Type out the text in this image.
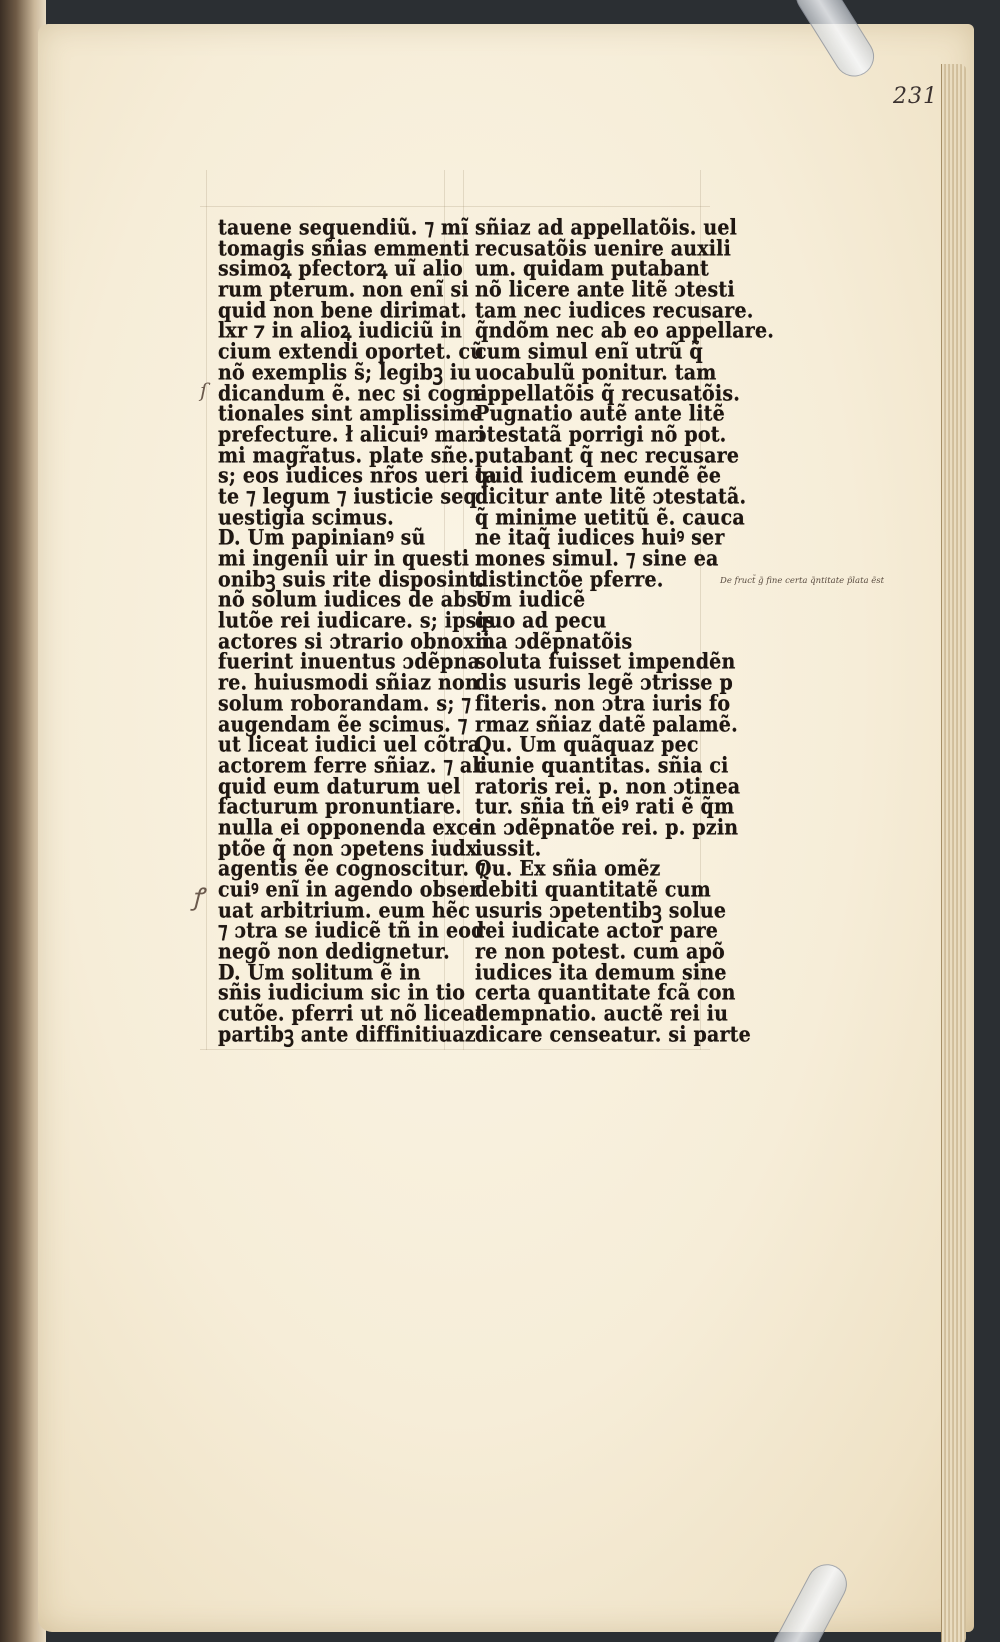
231
tauene sequendiũ. ⁊ mĩ
tomagis sñias emmenti
ssimoꝝ pfectorꝝ uĩ alio
rum pterum. non enĩ si
quid non bene dirimat.
lxr ⁊ in alioꝝ iudiciũ in
cium extendi oportet. cũ
nõ exemplis s̃; legibꝫ iu
dicandum ẽ. nec si cogni
tionales sint amplissime
prefecture. ł alicuiꝰ mari
mi magr̃atus. plate sñe.
s; eos iudices nr̃os ueri ta
te ⁊ legum ⁊ iusticie seq
uestigia scimus.
D. Um papinianꝰ sũ
mi ingenii uir in questi
onibꝫ suis rite disposint.
nõ solum iudices de abso
lutõe rei iudicare. s; ipsis
actores si ɔtrario obnoxii
fuerint inuentus ɔdẽpna
re. huiusmodi sñiaz non
solum roborandam. s; ⁊
augendam ẽe scimus. ⁊
ut liceat iudici uel cõtra
actorem ferre sñiaz. ⁊ ali
quid eum daturum uel
facturum pronuntiare.
nulla ei opponenda exce
ptõe q̃ non ɔpetens iudx
agentis ẽe cognoscitur. ⁊
cuiꝰ enĩ in agendo obser
uat arbitrium. eum hẽc
⁊ ɔtra se iudicẽ tñ in eod
negõ non dedignetur.
D. Um solitum ẽ in
sñis iudicium sic in tio
cutõe. pferri ut nõ liceat
partibꝫ ante diffinitiuaz
sñiaz ad appellatõis. uel
recusatõis uenire auxili
um. quidam putabant
nõ licere ante litẽ ɔtesti
tam nec iudices recusare.
q̃ndõm nec ab eo appellare.
cum simul enĩ utrũ q̃
uocabulũ ponitur. tam
appellatõis q̃ recusatõis.
Pugnatio autẽ ante litẽ
ɔtestatã porrigi nõ pot.
putabant q̃ nec recusare
quid iudicem eundẽ ẽe
dicitur ante litẽ ɔtestatã.
q̃ minime uetitũ ẽ. cauca
ne itaq̃ iudices huiꝰ ser
mones simul. ⁊ sine ea
distinctõe pferre.
Um iudicẽ
quo ad pecu
ma ɔdẽpnatõis
soluta fuisset impendẽn
dis usuris legẽ ɔtrisse p
fiteris. non ɔtra iuris fo
rmaz sñiaz datẽ palamẽ.
Qu. Um quãquaz pec
cunie quantitas. sñia ci
ratoris rei. p. non ɔtinea
tur. sñia tñ eiꝰ rati ẽ q̃m
in ɔdẽpnatõe rei. p. pzin
iussit.
Qu. Ex sñia omẽz
debiti quantitatẽ cum
usuris ɔpetentibꝫ solue
rei iudicate actor pare
re non potest. cum apõ
iudices ita demum sine
certa quantitate fcã con
dempnatio. auctẽ rei iu
dicare censeatur. si parte
De fruct̃ g̃ fine certa q̃ntitate p̃lata ẽst
ſ
ꝭ
